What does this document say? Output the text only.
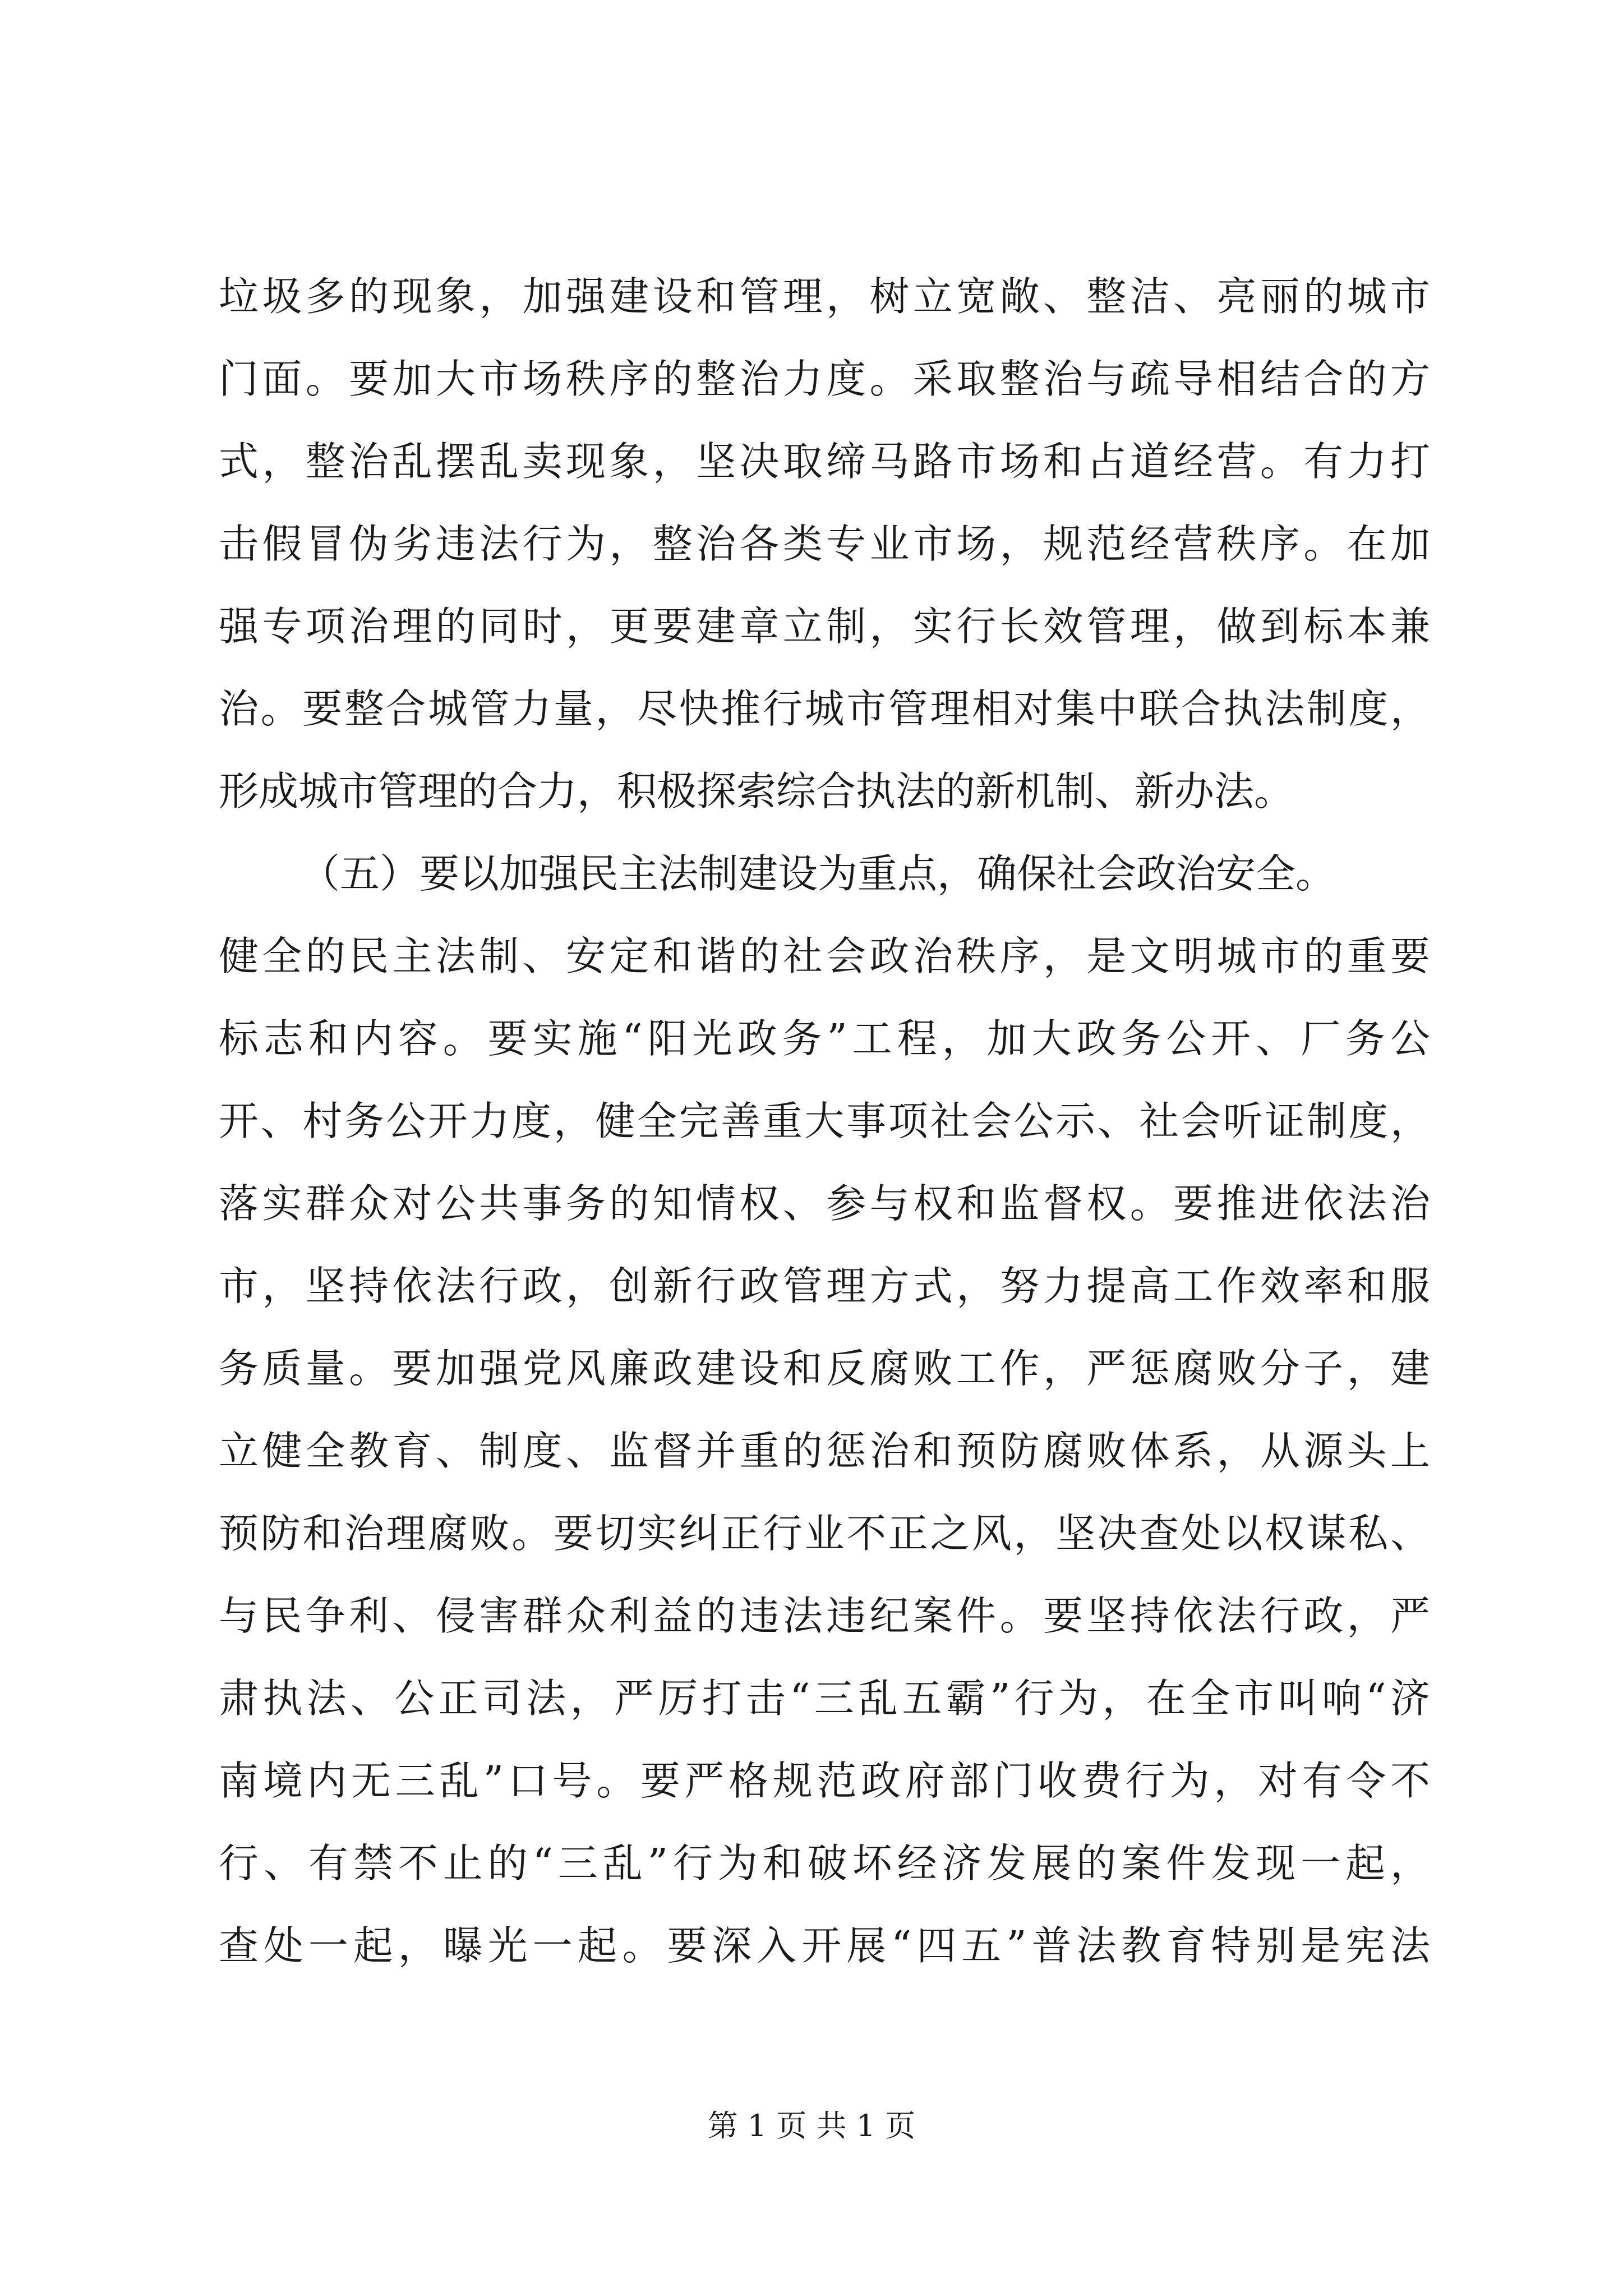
垃圾多的现象，加强建设和管理，树立宽敞、整洁、亮丽的城市
门面。要加大市场秩序的整治力度。采取整治与疏导相结合的方
式，整治乱摆乱卖现象，坚决取缔马路市场和占道经营。有力打
击假冒伪劣违法行为，整治各类专业市场，规范经营秩序。在加
强专项治理的同时，更要建章立制，实行长效管理，做到标本兼
治。要整合城管力量，尽快推行城市管理相对集中联合执法制度，
形成城市管理的合力，积极探索综合执法的新机制、新办法。
（五）要以加强民主法制建设为重点，确保社会政治安全。
健全的民主法制、安定和谐的社会政治秩序，是文明城市的重要
标志和内容。要实施“阳光政务”工程，加大政务公开、厂务公
开、村务公开力度，健全完善重大事项社会公示、社会听证制度，
落实群众对公共事务的知情权、参与权和监督权。要推进依法治
市，坚持依法行政，创新行政管理方式，努力提高工作效率和服
务质量。要加强党风廉政建设和反腐败工作，严惩腐败分子，建
立健全教育、制度、监督并重的惩治和预防腐败体系，从源头上
预防和治理腐败。要切实纠正行业不正之风，坚决查处以权谋私、
与民争利、侵害群众利益的违法违纪案件。要坚持依法行政，严
肃执法、公正司法，严厉打击“三乱五霸”行为，在全市叫响“济
南境内无三乱”口号。要严格规范政府部门收费行为，对有令不
行、有禁不止的“三乱”行为和破坏经济发展的案件发现一起，
查处一起，曝光一起。要深入开展“四五”普法教育特别是宪法
第 1 页 共 1 页
